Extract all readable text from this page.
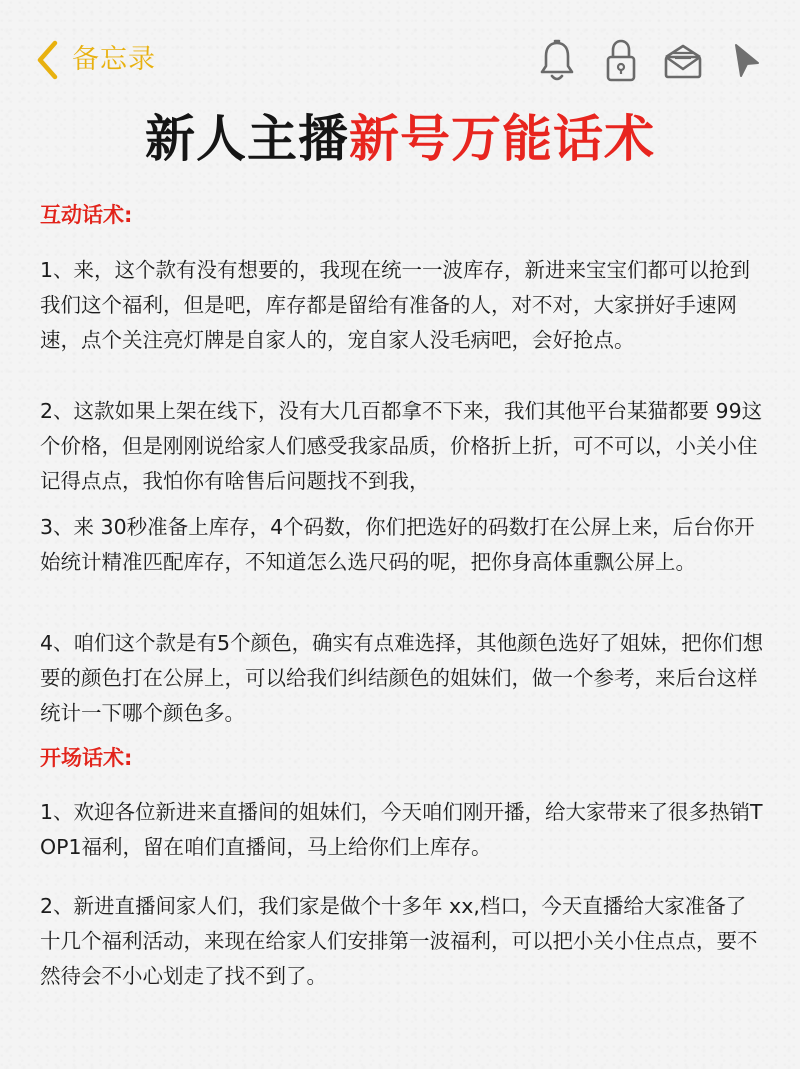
备忘录
新人主播新号万能话术
互动话术:
1、来，这个款有没有想要的，我现在统一一波库存，新进来宝宝们都可以抢到我们这个福利，但是吧，库存都是留给有准备的人，对不对，大家拼好手速网速，点个关注亮灯牌是自家人的，宠自家人没毛病吧，会好抢点。
2、这款如果上架在线下，没有大几百都拿不下来，我们其他平台某猫都要 99这个价格，但是刚刚说给家人们感受我家品质，价格折上折，可不可以，小关小住记得点点，我怕你有啥售后问题找不到我，
3、来 30秒准备上库存，4个码数，你们把选好的码数打在公屏上来，后台你开始统计精准匹配库存，不知道怎么选尺码的呢，把你身高体重飘公屏上。
4、咱们这个款是有5个颜色，确实有点难选择，其他颜色选好了姐妹，把你们想要的颜色打在公屏上，可以给我们纠结颜色的姐妹们，做一个参考，来后台这样统计一下哪个颜色多。
开场话术:
1、欢迎各位新进来直播间的姐妹们，今天咱们刚开播，给大家带来了很多热销TOP1福利，留在咱们直播间，马上给你们上库存。
2、新进直播间家人们，我们家是做个十多年 xx,档口，今天直播给大家准备了十几个福利活动，来现在给家人们安排第一波福利，可以把小关小住点点，要不然待会不小心划走了找不到了。
